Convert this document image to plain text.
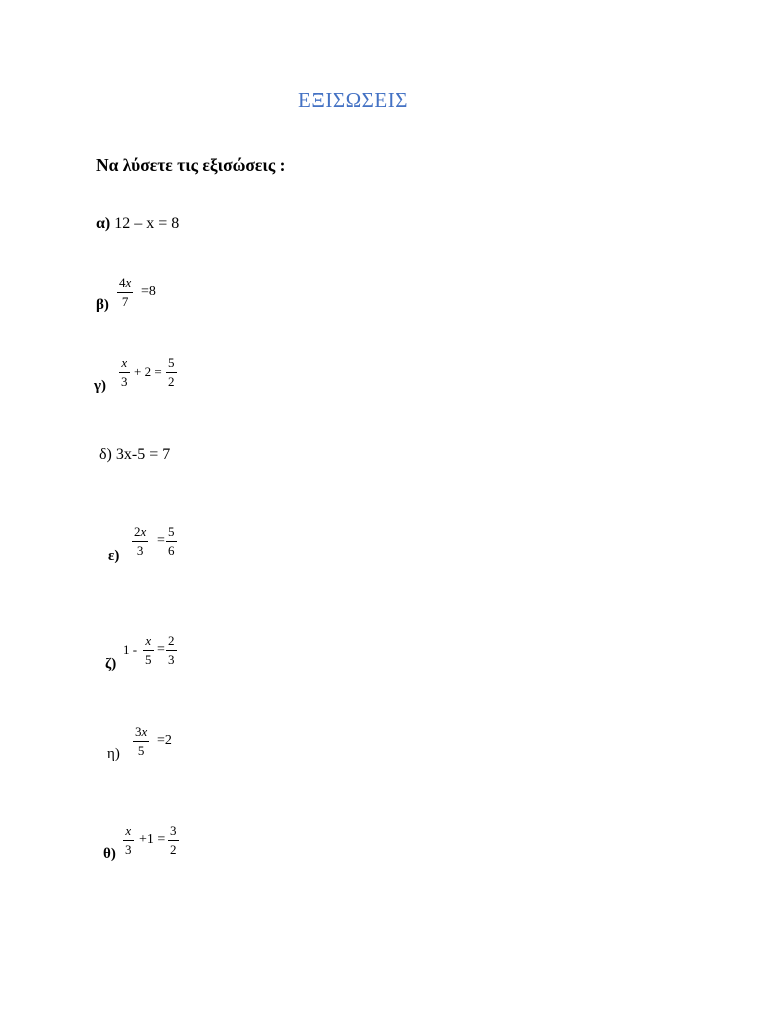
ΕΞΙΣΩΣΕΙΣ
Να λύσετε τις εξισώσεις :
α) 12 – x = 8
β)
4x
7
=8
γ)
x
3
+ 2 =
5
2
δ) 3x-5 = 7
ε)
2x
3
=
5
6
ζ)
1 -
x
5
=
2
3
η)
3x
5
=2
θ)
x
3
+1 =
3
2
